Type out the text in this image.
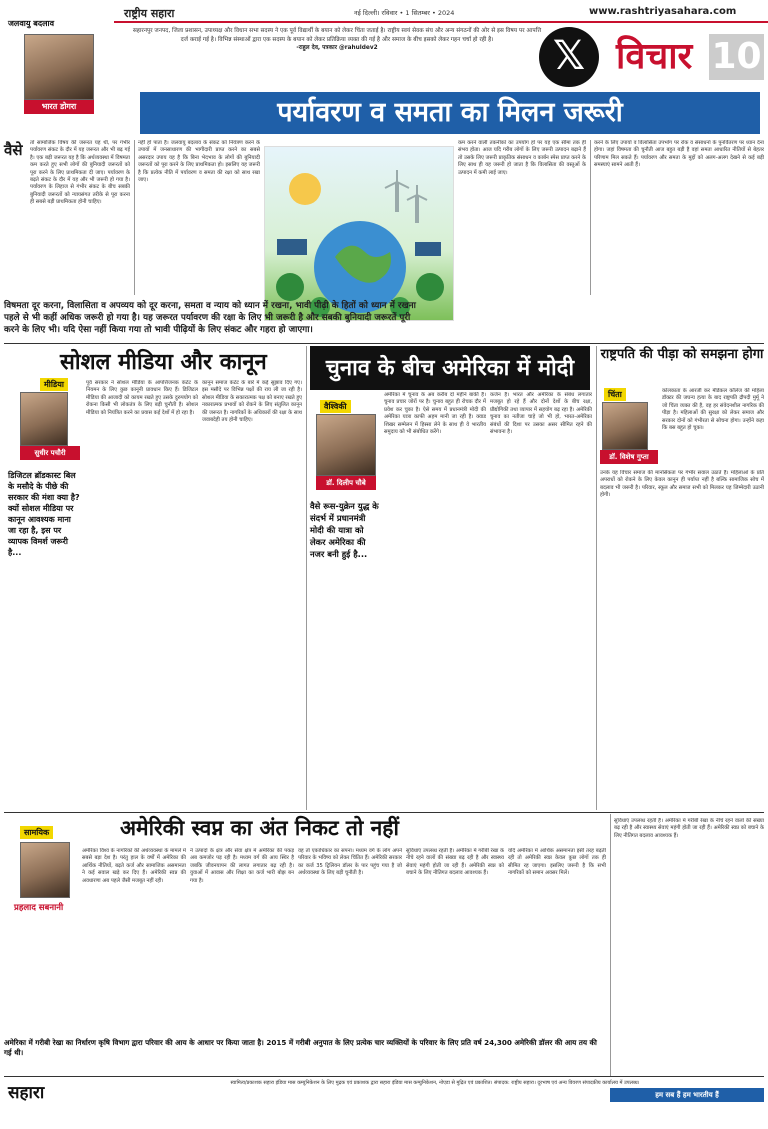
राष्ट्रीय सहारा	नई दिल्ली। रविवार • 1 सितम्बर • 2024	www.rashtriyasahara.com
जलवायु बदलाव
भारत डोगरा
सहारनपुर जनपद, जिला प्रशासन, उपाध्यक्ष और विधान सभा सदस्य ने एक पूर्व विद्यार्थी के बयान को लेकर चिंता जताई है। राष्ट्रीय स्वयं सेवक संघ और अन्य संगठनों की ओर से इस विषय पर आपत्ति दर्ज कराई गई है। विभिन्न संस्थाओं द्वारा एक सदस्य के बयान को लेकर प्रतिक्रिया व्यक्त की गई है और समाज के बीच इसको लेकर गहन चर्चा हो रही है।
-राहुल देव, पत्रकार @rahuldev2	𝕏 विचार 10
पर्यावरण व समता का मिलन जरूरी
वैसे तो सामाजिक विषय की जरूरत यह थी, पर गंभीर पर्यावरण संकट के दौर में यह जरूरत और भी बढ़ गई है। एक बड़ी जरूरत यह है कि अर्थव्यवस्था में विषमता कम करते हुए सभी लोगों की बुनियादी जरूरतों को पूरा करने के लिए प्राथमिकता दी जाए। पर्यावरण के बढ़ते संकट के दौर में यह और भी जरूरी हो गया है। पर्यावरण के लिहाज से गंभीर संकट के बीच सबकी बुनियादी जरूरतों को न्यायसंगत तरीके से पूरा करना ही सबसे बड़ी प्राथमिकता होनी चाहिए।
नहीं हो पाता है। जलवायु बदलाव के संकट को नियंत्रण करने के उपायों में जनसाधारण की भागीदारी प्राप्त करने का सबसे असरदार उपाय यह है कि बिना भेदभाव के लोगों की बुनियादी जरूरतों को पूरा करने के लिए प्राथमिकता हो। इसलिए यह जरूरी है कि प्रत्येक नीति में पर्यावरण व समता की रक्षा को साथ रखा जाए।
कम करने वाली तकनीकों का उपयोग हो पर यह एक सीमा तक ही संभव होता। आज यदि गरीब लोगों के लिए जरूरी उत्पादन बढ़ाने हैं तो उसके लिए जरूरी प्राकृतिक संसाधन व कार्बन स्पेस प्राप्त करने के लिए साथ ही यह जरूरी हो जाता है कि विलासिता की वस्तुओं के उत्पादन में कमी लाई जाए।
करने के लिए उपायों व विलासिता उपभोग पर रोक व संसाधनों के पुनर्वितरण पर ध्यान देना होगा। जहां विषमता की चुनौती आज बहुत बड़ी है वहां समता आधारित नीतियों से बेहतर परिणाम मिल सकते हैं। पर्यावरण और समता के मुद्दों को अलग-अलग देखने से कई बड़ी समस्याएं सामने आती हैं।
विषमता दूर करना, विलासिता व अपव्यय को दूर करना, समता व न्याय को ध्यान में रखना, भावी पीढ़ी के हितों को ध्यान में रखना पहले से भी कहीं अधिक जरूरी हो गया है। यह जरूरत पर्यावरण की रक्षा के लिए भी जरूरी है और सबकी बुनियादी जरूरतें पूरी करने के लिए भी। यदि ऐसा नहीं किया गया तो भावी पीढ़ियों के लिए संकट और गहरा हो जाएगा।
सोशल मीडिया और कानून
मीडिया
सुधीर पचौरी
डिजिटल ब्रॉडकास्ट बिल के मसौदे के पीछे की सरकार की मंशा क्या है? क्यों सोशल मीडिया पर कानून आवश्यक माना जा रहा है, इस पर व्यापक विमर्श जरूरी है...
पूर्व सरकार ने सोशल मीडिया के आपत्तिजनक कंटेंट के नियमन के लिए कुछ कानूनी प्रावधान किए हैं। डिजिटल मीडिया की आजादी को कायम रखते हुए उसके दुरुपयोग को रोकना किसी भी लोकतंत्र के लिए बड़ी चुनौती है। सोशल मीडिया को नियंत्रित करने का प्रयास कई देशों में हो रहा है।
कानून समाज कंटेंट के बारे में कई सुझाव दिए गए। इस मसौदे पर विभिन्न पक्षों की राय ली जा रही है। सोशल मीडिया के सकारात्मक पक्ष को बनाए रखते हुए नकारात्मक प्रभावों को रोकने के लिए संतुलित कानून की जरूरत है। नागरिकों के अधिकारों की रक्षा के साथ जवाबदेही तय होनी चाहिए।
चुनाव के बीच अमेरिका में मोदी
वैश्विकी
डॉ. दिलीप चौबे
वैसे रूस-युक्रेन युद्ध के संदर्भ में प्रधानमंत्री मोदी की यात्रा को लेकर अमेरिका की नजर बनी हुई है...
अमेरिका में चुनाव के अब करीब दो महीने बाकी हैं। चुनाव प्रचार जोरों पर है। चुनाव बहुत ही रोचक दौर में प्रवेश कर चुका है। ऐसे समय में प्रधानमंत्री मोदी की अमेरिका यात्रा काफी अहम मानी जा रही है। क्वाड शिखर सम्मेलन में हिस्सा लेने के साथ ही वे भारतीय समुदाय को भी संबोधित करेंगे।
कर्जन हैं। भारत और अमेरिका के संबंध लगातार मजबूत हो रहे हैं और दोनों देशों के बीच रक्षा, प्रौद्योगिकी तथा व्यापार में सहयोग बढ़ रहा है। अमेरिकी चुनाव का नतीजा चाहे जो भी हो, भारत-अमेरिका संबंधों की दिशा पर उसका असर सीमित रहने की संभावना है।
राष्ट्रपति की पीड़ा को समझना होगा
चिंता
डॉ. विशेष गुप्ता
कोलकाता के आरजी कर मेडिकल कॉलेज की महिला डॉक्टर की जघन्य हत्या के बाद राष्ट्रपति द्रौपदी मुर्मू ने जो चिंता व्यक्त की है, वह हर संवेदनशील नागरिक की पीड़ा है। महिलाओं की सुरक्षा को लेकर समाज और सरकार दोनों को गंभीरता से सोचना होगा। उन्होंने कहा कि बस बहुत हो चुका।
उनके यह विचार समाज की मानसिकता पर गंभीर सवाल उठाते हैं। महिलाओं के प्रति अपराधों को रोकने के लिए केवल कानून ही पर्याप्त नहीं है बल्कि सामाजिक सोच में बदलाव भी जरूरी है। परिवार, स्कूल और समाज सभी को मिलकर यह जिम्मेदारी उठानी होगी।
अमेरिकी स्वप्न का अंत निकट तो नहीं
सामयिक
प्रहलाद सबनानी
अमेरिका विश्व के नागरिकों की अर्थव्यवस्था के मामले में सबसे बड़ा देश है। परंतु हाल के वर्षों में अमेरिका की आर्थिक नीतियों, बढ़ते कर्ज और सामाजिक असमानता ने कई सवाल खड़े कर दिए हैं। अमेरिकी स्वप्न की अवधारणा अब पहले जैसी मजबूत नहीं रही।
ने उत्पादों के क्षेत्र और सेवा क्षेत्र में अमेरिका की पकड़ अब कमजोर पड़ रही है। मध्यम वर्ग की आय स्थिर है जबकि जीवनयापन की लागत लगातार बढ़ रही है। युवाओं में आवास और शिक्षा का कर्ज भारी बोझ बन गया है।
वह तो एकाधिकार का सपना। मध्यम वर्ग के लोग अपने परिवार के भविष्य को लेकर चिंतित हैं। अमेरिकी सरकार का कर्ज 35 ट्रिलियन डॉलर के पार पहुंच गया है जो अर्थव्यवस्था के लिए बड़ी चुनौती है।
सुविधाएं उपलब्ध रहती हैं। अमेरिका में गरीबी रेखा के नीचे रहने वालों की संख्या बढ़ रही है और स्वास्थ्य सेवाएं महंगी होती जा रही हैं। अमेरिकी स्वप्न को बचाने के लिए नीतिगत बदलाव आवश्यक हैं।
यदि अमेरिका में आर्थिक असमानता इसी तरह बढ़ती रही तो अमेरिकी स्वप्न केवल कुछ लोगों तक ही सीमित रह जाएगा। इसलिए जरूरी है कि सभी नागरिकों को समान अवसर मिलें।
सुविधाएं उपलब्ध रहती हैं। अमेरिका में गरीबी रेखा के नीचे रहने वालों की संख्या बढ़ रही है और स्वास्थ्य सेवाएं महंगी होती जा रही हैं। अमेरिकी स्वप्न को बचाने के लिए नीतिगत बदलाव आवश्यक हैं।
अमेरिका में गरीबी रेखा का निर्धारण कृषि विभाग द्वारा परिवार की आय के आधार पर किया जाता है। 2015 में गरीबी अनुपात के लिए प्रत्येक चार व्यक्तियों के परिवार के लिए प्रति वर्ष 24,300 अमेरिकी डॉलर की आय तय की गई थी।
हम सब हैं हम भारतीय हैं
सहारा	स्वामित्व/प्रकाशक सहारा इंडिया मास कम्युनिकेशन के लिए मुद्रक एवं प्रकाशक द्वारा सहारा इंडिया मास कम्युनिकेशन, नोएडा से मुद्रित एवं प्रकाशित। संपादक: राष्ट्रीय सहारा। दूरभाष एवं अन्य विवरण संपादकीय कार्यालय में उपलब्ध।
